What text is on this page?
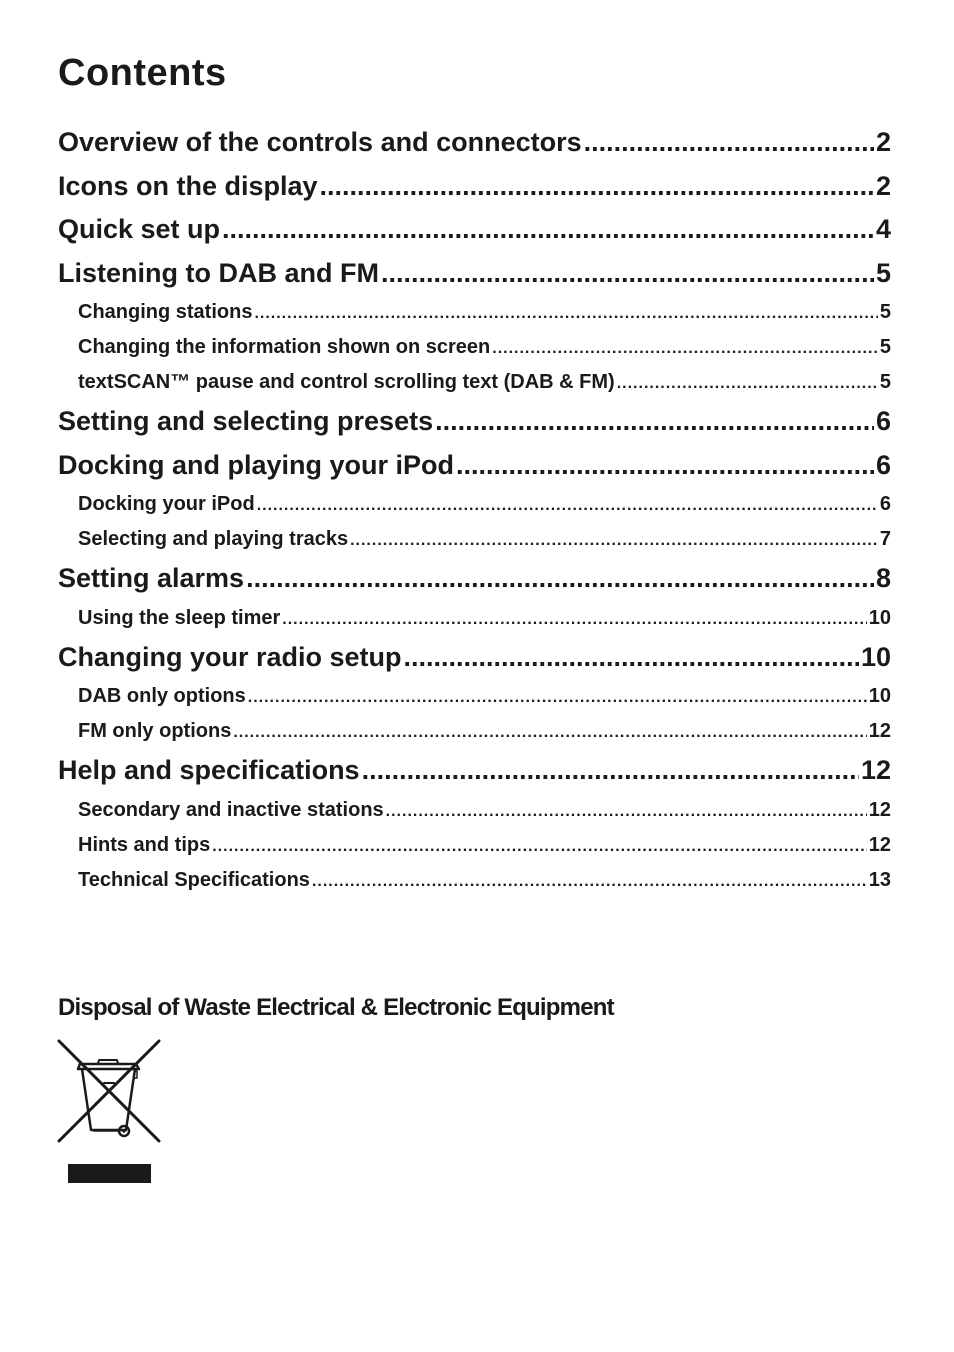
Contents
Overview of the controls and connectors .....	2
Icons on the display .....	2
Quick set up .....	4
Listening to DAB and FM .....	5
Changing stations .....	5
Changing the information shown on screen .....	5
textSCAN™ pause and control scrolling text (DAB & FM) .....	5
Setting and selecting presets .....	6
Docking and playing your iPod .....	6
Docking your iPod .....	6
Selecting and playing tracks .....	7
Setting alarms .....	8
Using the sleep timer .....	10
Changing your radio setup .....	10
DAB only options .....	10
FM only options .....	12
Help and specifications .....	12
Secondary and inactive stations .....	12
Hints and tips .....	12
Technical Specifications .....	13
Disposal of Waste Electrical & Electronic Equipment
